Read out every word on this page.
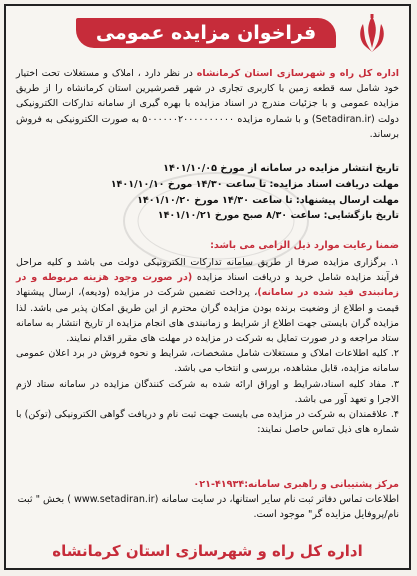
فراخوان مزایده عمومی
اداره کل راه و شهرسازی استان کرمانشاه در نظر دارد ، املاک و مستغلات تحت اختیار خود شامل سه قطعه زمین با کاربری تجاری در شهر قصرشیرین استان کرمانشاه را از طریق مزایده عمومی و با جزئیات مندرج در اسناد مزایده با بهره گیری از سامانه تدارکات الکترونیکی دولت (Setadiran.ir) و با شماره مزایده ۵۰۰۰۰۰۰۲۰۰۰۰۰۰۰۰۰۰ به صورت الکترونیکی به فروش برساند.
تاریخ انتشار مزایده در سامانه از مورخ ۱۴۰۱/۱۰/۰۵
مهلت دریافت اسناد مزایده: تا ساعت ۱۴/۳۰ مورخ ۱۴۰۱/۱۰/۱۰
مهلت ارسال پیشنهاد: تا ساعت ۱۴/۳۰ مورخ ۱۴۰۱/۱۰/۲۰
تاریخ بازگشایی: ساعت ۸/۳۰ صبح مورخ ۱۴۰۱/۱۰/۲۱
ضمنا رعایت موارد ذیل الزامی می باشد:

۱. برگزاری مزایده صرفا از طریق سامانه تدارکات الکترونیکی دولت می باشد و کلیه مراحل فرآیند مزایده شامل خرید و دریافت اسناد مزایده (در صورت وجود هزینه مربوطه و در زمانبندی قید شده در سامانه)، پرداخت تضمین شرکت در مزایده (ودیعه)، ارسال پیشنهاد قیمت و اطلاع از وضعیت برنده بودن مزایده گران محترم از این طریق امکان پذیر می باشد. لذا مزایده گران بایستی جهت اطلاع از شرایط و زمانبندی های انجام مزایده از تاریخ انتشار به سامانه ستاد مراجعه و در صورت تمایل به شرکت در مزایده در مهلت های مقرر اقدام نمایند.

۲. کلیه اطلاعات املاک و مستغلات شامل مشخصات، شرایط و نحوه فروش در برد اعلان عمومی سامانه مزایده، قابل مشاهده، بررسی و انتخاب می باشد.

۳. مفاد کلیه اسناد،شرایط و اوراق ارائه شده به شرکت کنندگان مزایده در سامانه ستاد لازم الاجرا و تعهد آور می باشد.

۴. علاقمندان به شرکت در مزایده می بایست جهت ثبت نام و دریافت گواهی الکترونیکی (توکن) با شماره های ذیل تماس حاصل نمایند:

مرکز پشتیبانی و راهبری سامانه:۴۱۹۳۴-۰۲۱
اطلاعات تماس دفاتر ثبت نام سایر استانها، در سایت سامانه (www.setadiran.ir ) بخش " ثبت نام/پروفایل مزایده گر" موجود است.
اداره کل راه و شهرسازی استان کرمانشاه
